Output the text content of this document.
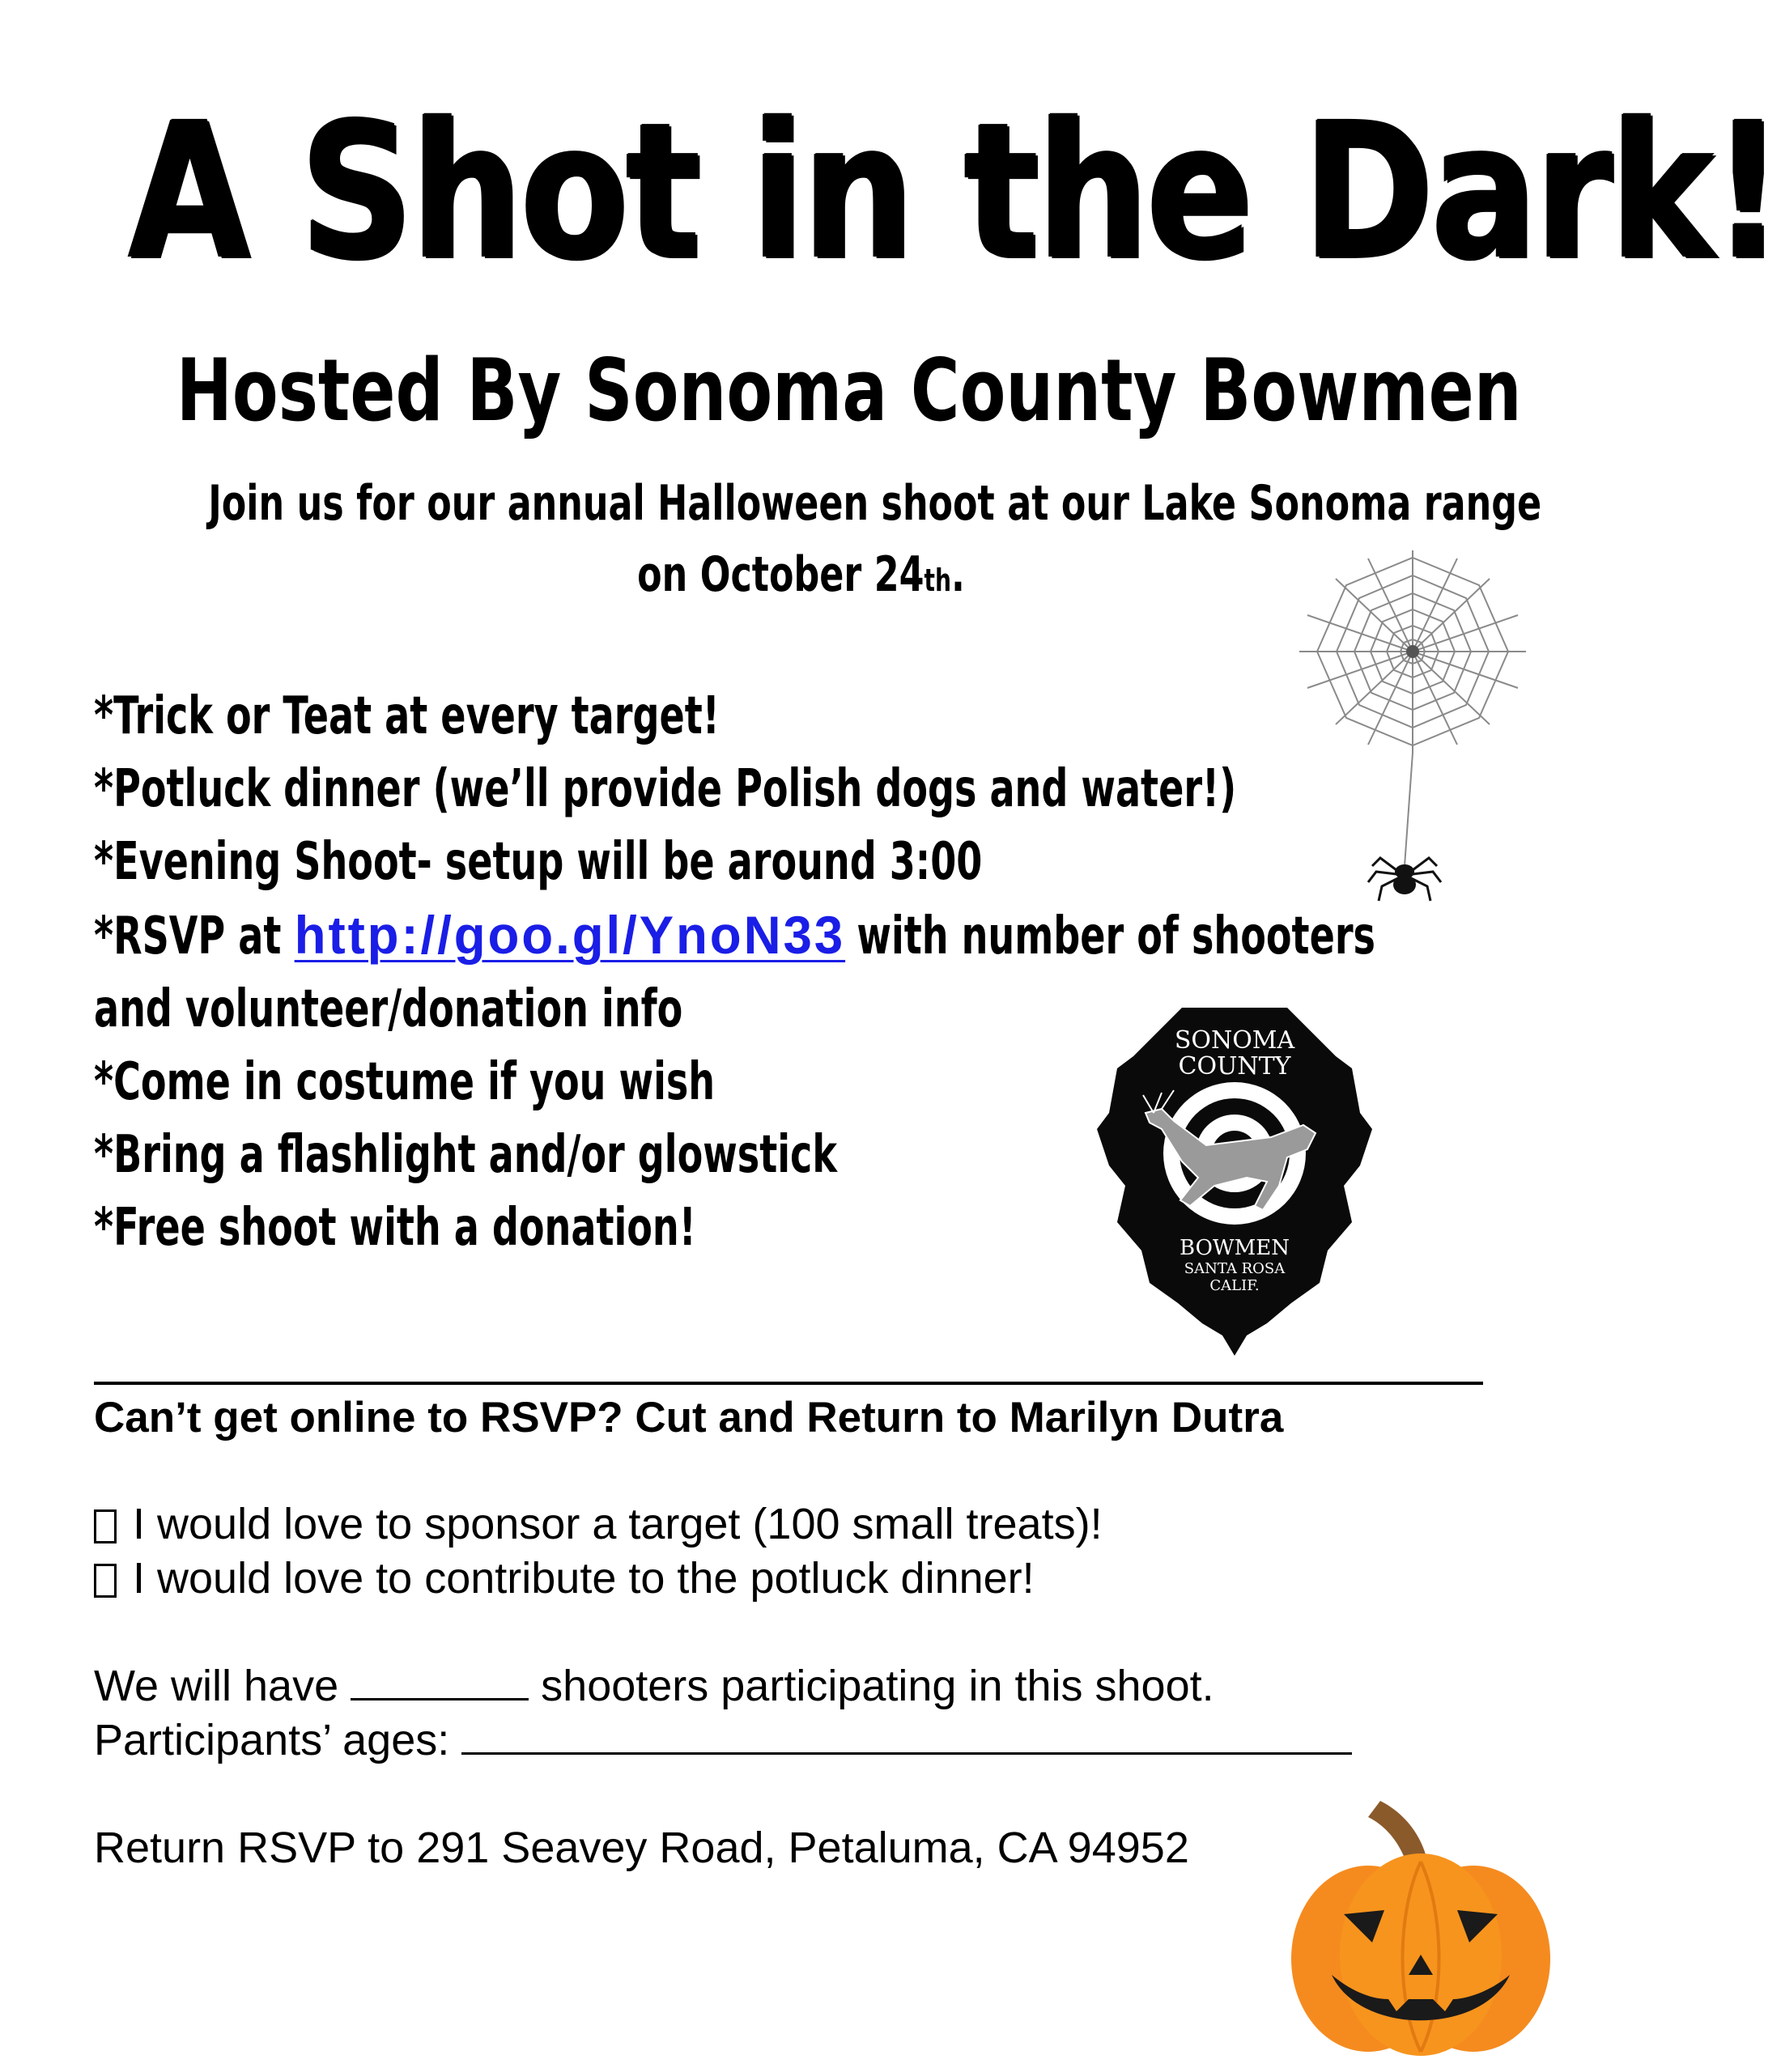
A Shot in the Dark!
Hosted By Sonoma County Bowmen
Join us for our annual Halloween shoot at our Lake Sonoma range
on October 24th.
*Trick or Teat at every target!
*Potluck dinner (we’ll provide Polish dogs and water!)
*Evening Shoot- setup will be around 3:00
*RSVP at http://goo.gl/YnoN33 with number of shooters
and volunteer/donation info
*Come in costume if you wish
*Bring a flashlight and/or glowstick
*Free shoot with a donation!
SONOMA
COUNTY
BOWMEN
SANTA ROSA
CALIF.
Can’t get online to RSVP? Cut and Return to Marilyn Dutra
I would love to sponsor a target (100 small treats)!
I would love to contribute to the potluck dinner!
We will have	shooters participating in this shoot.
Participants’ ages:
Return RSVP to 291 Seavey Road, Petaluma, CA 94952
